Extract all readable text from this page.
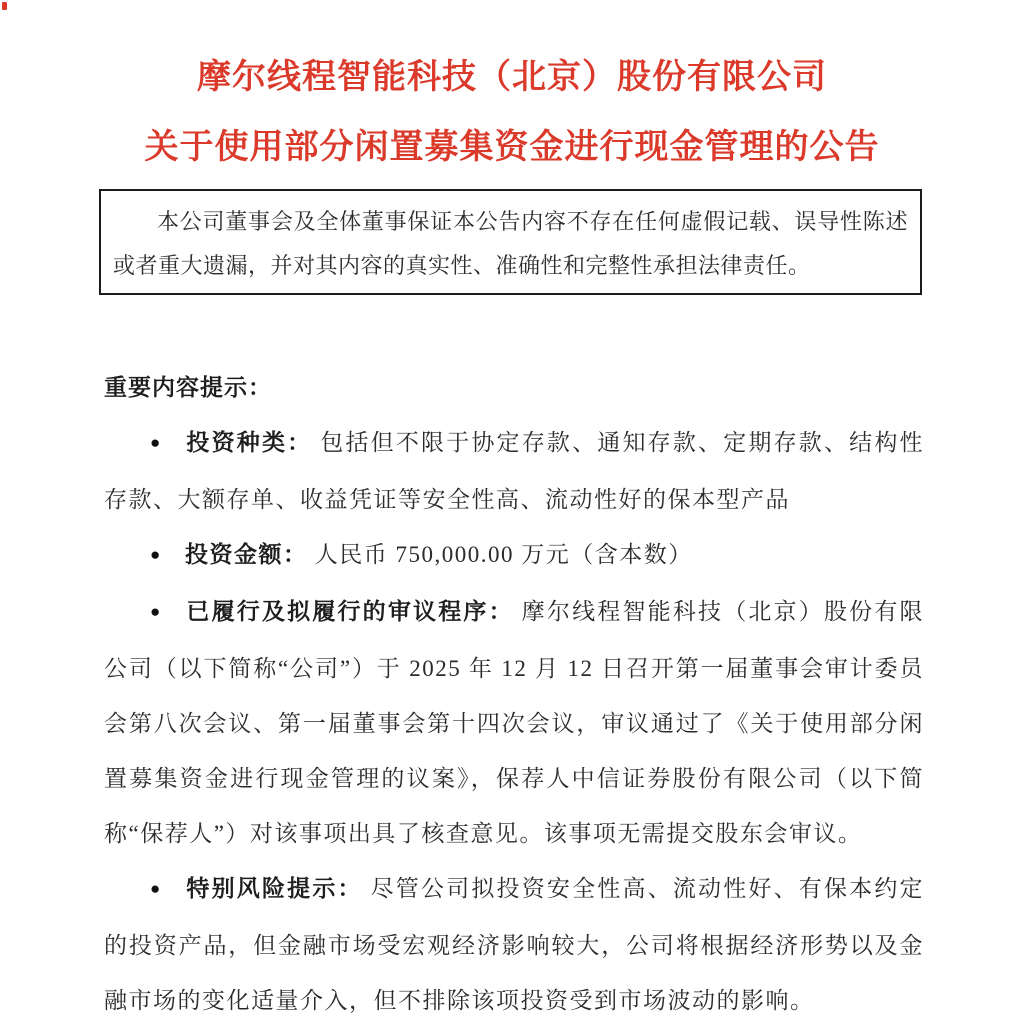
摩尔线程智能科技（北京）股份有限公司
关于使用部分闲置募集资金进行现金管理的公告

本公司董事会及全体董事保证本公告内容不存在任何虚假记载、误导性陈述或者重大遗漏，并对其内容的真实性、准确性和完整性承担法律责任。

重要内容提示：

● 投资种类： 包括但不限于协定存款、通知存款、定期存款、结构性存款、大额存单、收益凭证等安全性高、流动性好的保本型产品

● 投资金额： 人民币 750,000.00 万元（含本数）

● 已履行及拟履行的审议程序： 摩尔线程智能科技（北京）股份有限公司（以下简称“公司”）于 2025 年 12 月 12 日召开第一届董事会审计委员会第八次会议、第一届董事会第十四次会议，审议通过了《关于使用部分闲置募集资金进行现金管理的议案》，保荐人中信证券股份有限公司（以下简称“保荐人”）对该事项出具了核查意见。该事项无需提交股东会审议。

● 特别风险提示： 尽管公司拟投资安全性高、流动性好、有保本约定的投资产品，但金融市场受宏观经济影响较大，公司将根据经济形势以及金融市场的变化适量介入，但不排除该项投资受到市场波动的影响。
